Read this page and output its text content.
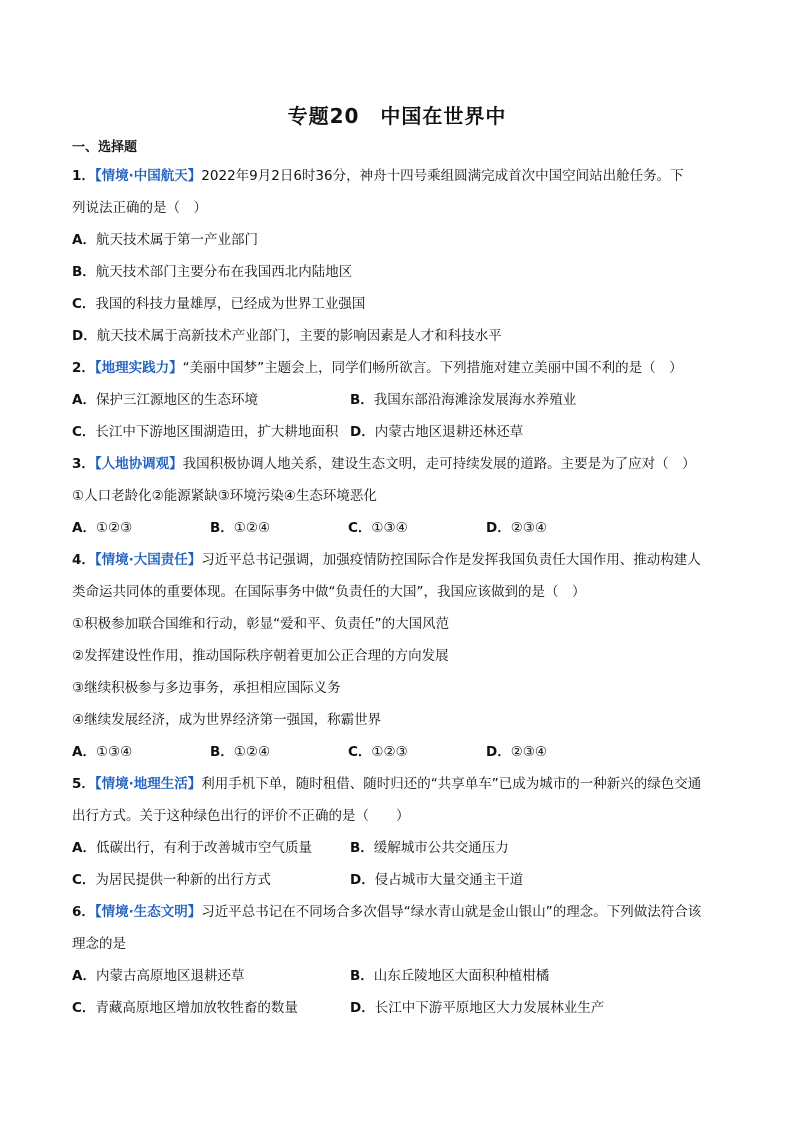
专题20　中国在世界中
一、选择题
1．【情境·中国航天】2022年9月2日6时36分，神舟十四号乘组圆满完成首次中国空间站出舱任务。下
列说法正确的是（　）
A．航天技术属于第一产业部门
B．航天技术部门主要分布在我国西北内陆地区
C．我国的科技力量雄厚，已经成为世界工业强国
D．航天技术属于高新技术产业部门，主要的影响因素是人才和科技水平
2．【地理实践力】“美丽中国梦”主题会上，同学们畅所欲言。下列措施对建立美丽中国不利的是（　）
A．保护三江源地区的生态环境	B．我国东部沿海滩涂发展海水养殖业
C．长江中下游地区围湖造田，扩大耕地面积 D．内蒙古地区退耕还林还草
3．【人地协调观】我国积极协调人地关系，建设生态文明，走可持续发展的道路。主要是为了应对（　）
①人口老龄化②能源紧缺③环境污染④生态环境恶化
A．①②③	B．①②④	C．①③④	D．②③④
4．【情境·大国责任】习近平总书记强调，加强疫情防控国际合作是发挥我国负责任大国作用、推动构建人
类命运共同体的重要体现。在国际事务中做“负责任的大国”，我国应该做到的是（　）
①积极参加联合国维和行动，彰显“爱和平、负责任”的大国风范
②发挥建设性作用，推动国际秩序朝着更加公正合理的方向发展
③继续积极参与多边事务，承担相应国际义务
④继续发展经济，成为世界经济第一强国，称霸世界
A．①③④	B．①②④	C．①②③	D．②③④
5．【情境·地理生活】利用手机下单，随时租借、随时归还的“共享单车”已成为城市的一种新兴的绿色交通
出行方式。关于这种绿色出行的评价不正确的是（　　）
A．低碳出行，有利于改善城市空气质量	B．缓解城市公共交通压力
C．为居民提供一种新的出行方式	D．侵占城市大量交通主干道
6．【情境·生态文明】习近平总书记在不同场合多次倡导“绿水青山就是金山银山”的理念。下列做法符合该
理念的是
A．内蒙古高原地区退耕还草	B．山东丘陵地区大面积种植柑橘
C．青藏高原地区增加放牧牲畜的数量	D．长江中下游平原地区大力发展林业生产
